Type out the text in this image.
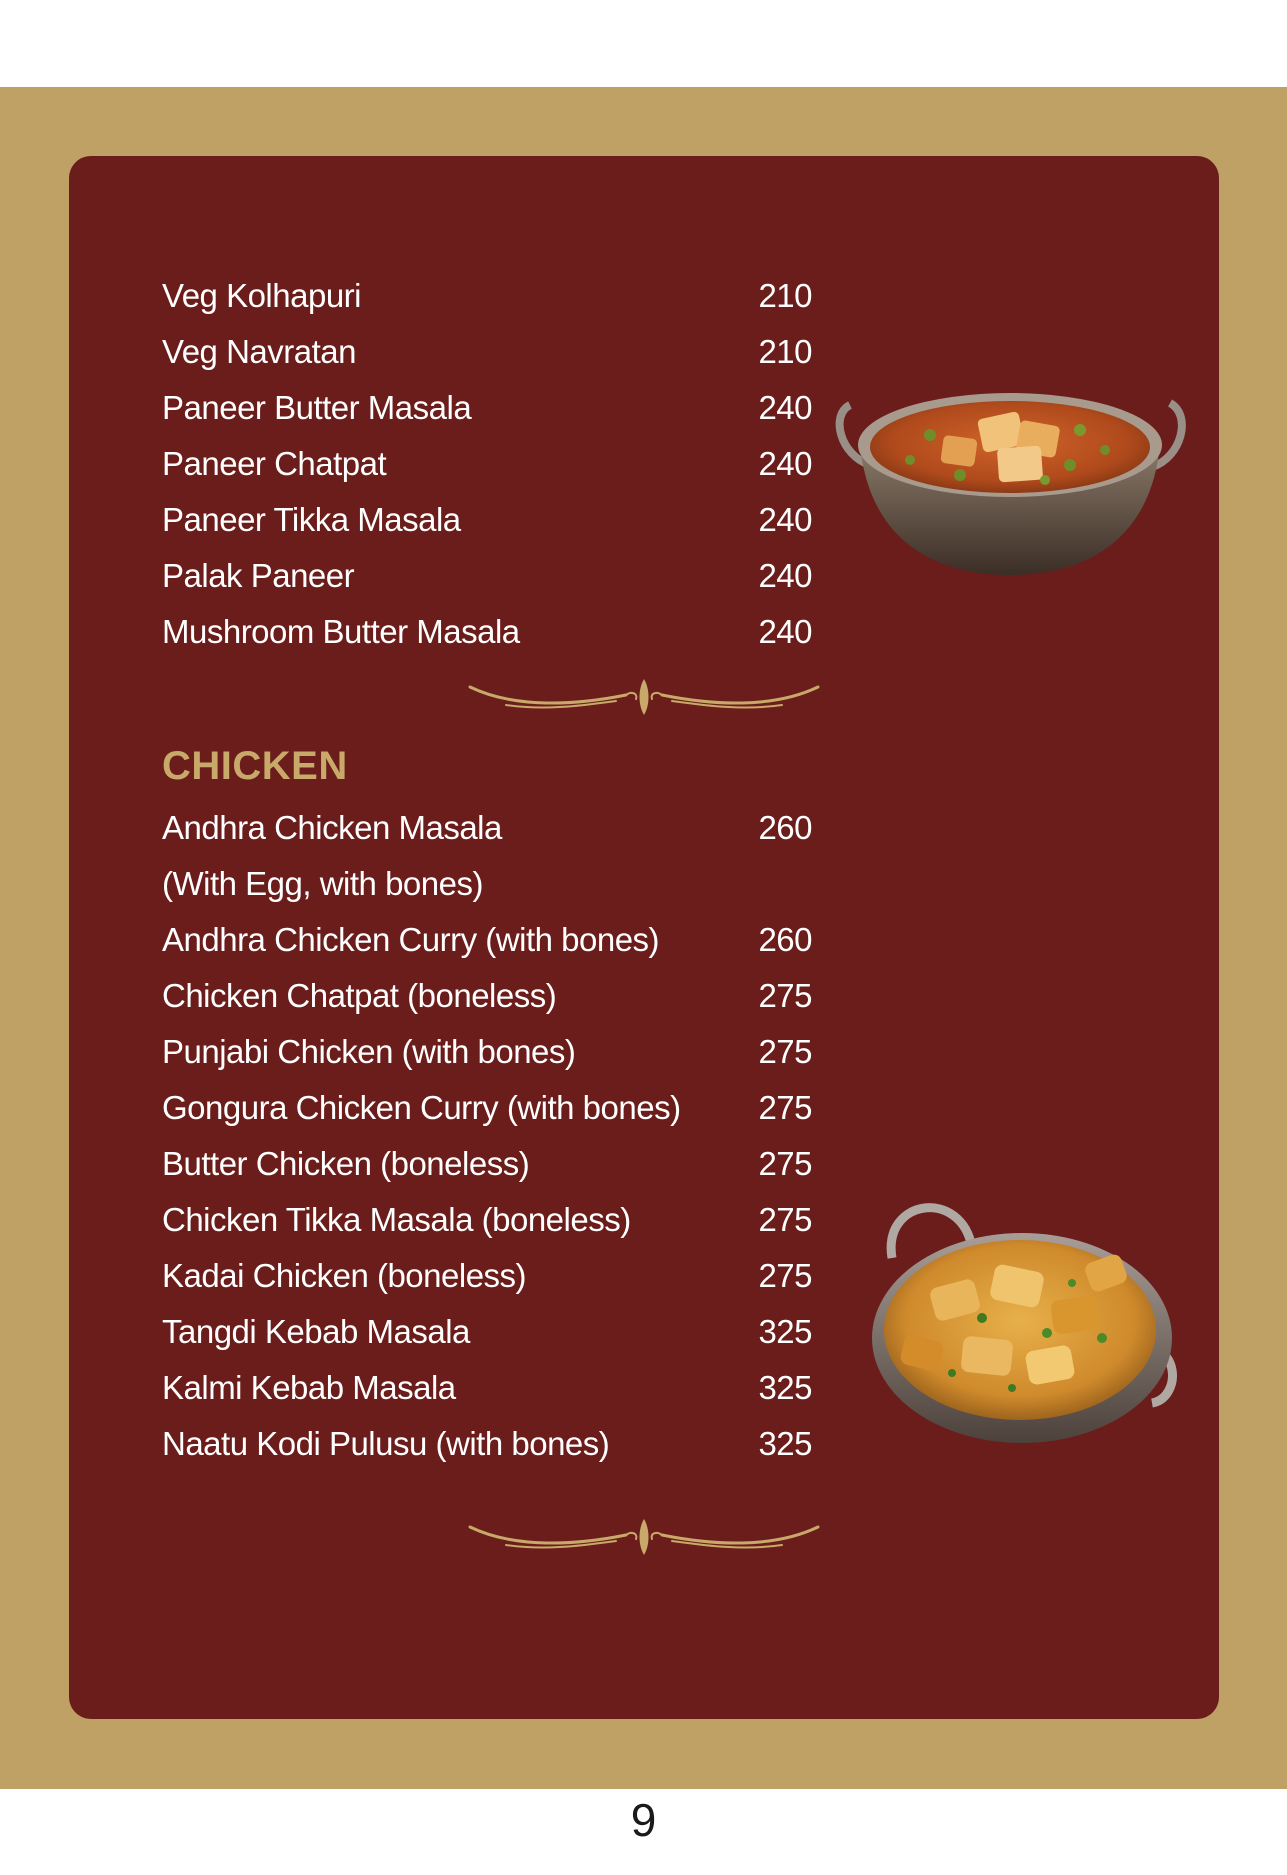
Veg Kolhapuri	210
Veg Navratan	210
Paneer Butter Masala	240
Paneer Chatpat	240
Paneer Tikka Masala	240
Palak Paneer	240
Mushroom Butter Masala	240
CHICKEN
Andhra Chicken Masala	260
(With Egg, with bones)
Andhra Chicken Curry (with bones)	260
Chicken Chatpat (boneless)	275
Punjabi Chicken (with bones)	275
Gongura Chicken Curry (with bones) 275
Butter Chicken (boneless)	275
Chicken Tikka Masala (boneless)	275
Kadai Chicken (boneless)	275
Tangdi Kebab Masala	325
Kalmi Kebab Masala	325
Naatu Kodi Pulusu (with bones)	325
9
